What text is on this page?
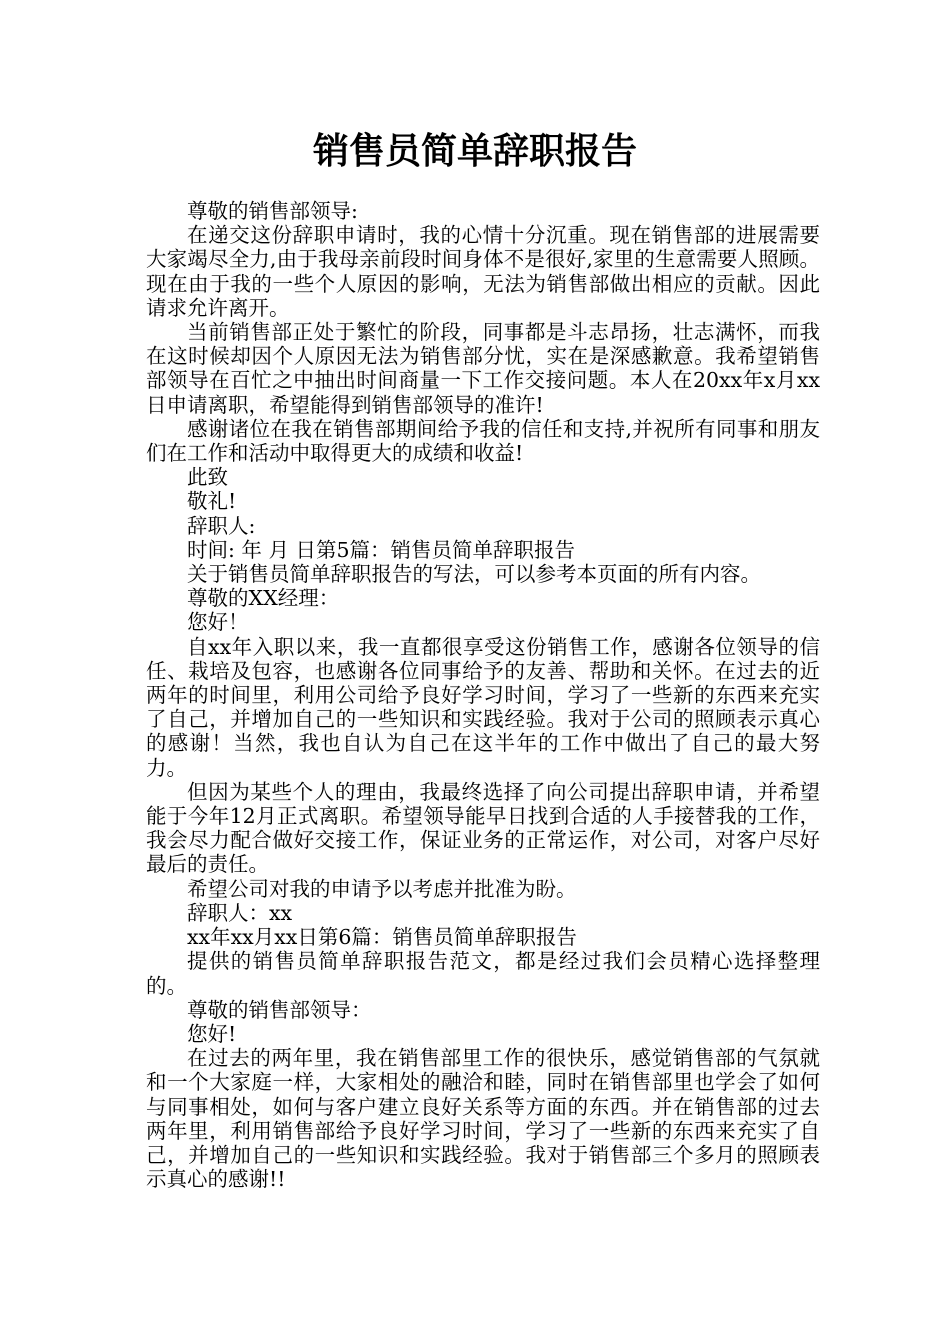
销售员简单辞职报告

尊敬的销售部领导:

在递交这份辞职申请时，我的心情十分沉重。现在销售部的进展需要大家竭尽全力,由于我母亲前段时间身体不是很好,家里的生意需要人照顾。现在由于我的一些个人原因的影响，无法为销售部做出相应的贡献。因此请求允许离开。

当前销售部正处于繁忙的阶段，同事都是斗志昂扬，壮志满怀，而我在这时候却因个人原因无法为销售部分忧，实在是深感歉意。我希望销售部领导在百忙之中抽出时间商量一下工作交接问题。本人在20xx年x月xx日申请离职，希望能得到销售部领导的准许!

感谢诸位在我在销售部期间给予我的信任和支持,并祝所有同事和朋友们在工作和活动中取得更大的成绩和收益!

此致

敬礼!

辞职人:

时间: 年 月 日第5篇：销售员简单辞职报告

关于销售员简单辞职报告的写法，可以参考本页面的所有内容。

尊敬的XX经理：

您好！

自xx年入职以来，我一直都很享受这份销售工作，感谢各位领导的信任、栽培及包容，也感谢各位同事给予的友善、帮助和关怀。在过去的近两年的时间里，利用公司给予良好学习时间，学习了一些新的东西来充实了自己，并增加自己的一些知识和实践经验。我对于公司的照顾表示真心的感谢！当然，我也自认为自己在这半年的工作中做出了自己的最大努力。

但因为某些个人的理由，我最终选择了向公司提出辞职申请，并希望能于今年12月正式离职。希望领导能早日找到合适的人手接替我的工作，我会尽力配合做好交接工作，保证业务的正常运作，对公司，对客户尽好最后的责任。

希望公司对我的申请予以考虑并批准为盼。

辞职人：xx

xx年xx月xx日第6篇：销售员简单辞职报告

提供的销售员简单辞职报告范文，都是经过我们会员精心选择整理的。

尊敬的销售部领导：

您好!

在过去的两年里，我在销售部里工作的很快乐，感觉销售部的气氛就和一个大家庭一样，大家相处的融洽和睦，同时在销售部里也学会了如何与同事相处，如何与客户建立良好关系等方面的东西。并在销售部的过去两年里，利用销售部给予良好学习时间，学习了一些新的东西来充实了自己，并增加自己的一些知识和实践经验。我对于销售部三个多月的照顾表示真心的感谢!!
